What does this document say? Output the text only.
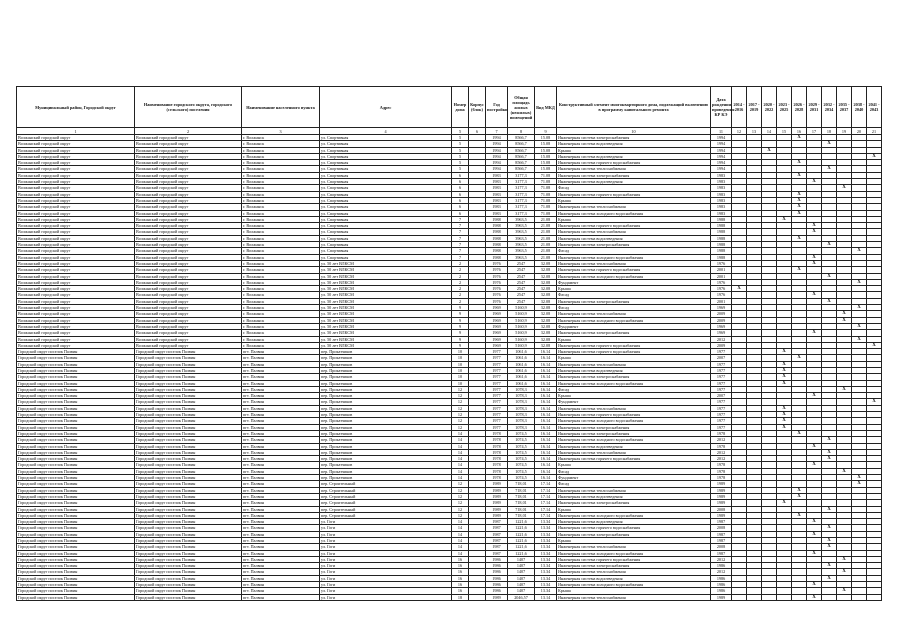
Муниципальный район, Городской округ	Наименование городского округа, городского (сельского) поселения	Наименование населенного пункта	Адрес	Номер дома	Корпус (блок)	Год постройки	Общая площадь жилых (нежилых) помещений	Вид МКД	Конструктивный элемент многоквартирного дома, подлежащий включению в программу капитального ремонта	Дата рождения проведения КР КЭ	2014 - 2016	2017 - 2019	2020 - 2022	2023 - 2025	2026 - 2028	2029 - 2031	2032 - 2034	2035 - 2037	2038 - 2040	2041 - 2043
1	2	3	4	5	6	7	8	9	10	11	12	13	14	15	16	17	18	19	20	21
Волжанский городской округ	Волжанский городской округ	г. Волжанск	ул. Спортивная	5		1994	8566,7	15.08	Инженерная система электроснабжения	1994					X					
Волжанский городской округ	Волжанский городской округ	г. Волжанск	ул. Спортивная	5		1994	8566,7	15.08	Инженерная система водоотведения	1994							X			
Волжанский городской округ	Волжанский городской округ	г. Волжанск	ул. Спортивная	5		1994	8566,7	15.08	Крыша	1994			X							
Волжанский городской округ	Волжанский городской округ	г. Волжанск	ул. Спортивная	5		1994	8566,7	15.08	Инженерная система водоотведения	1994										X
Волжанский городской округ	Волжанский городской округ	г. Волжанск	ул. Спортивная	5		1994	8566,7	15.08	Инженерная система горячего водоснабжения	1994					X					
Волжанский городской округ	Волжанский городской округ	г. Волжанск	ул. Спортивная	5		1994	8566,7	15.08	Инженерная система теплоснабжения	1994							X			
Волжанский городской округ	Волжанский городской округ	г. Волжанск	ул. Спортивная	6		1983	3177,3	71.08	Инженерная система электроснабжения	1983					X					
Волжанский городской округ	Волжанский городской округ	г. Волжанск	ул. Спортивная	6		1983	3177,3	71.08	Инженерная система водоотведения	1983						X				
Волжанский городской округ	Волжанский городской округ	г. Волжанск	ул. Спортивная	6		1983	3177,3	71.08	Фасад	1983								X		
Волжанский городской округ	Волжанский городской округ	г. Волжанск	ул. Спортивная	6		1983	3177,3	71.08	Инженерная система горячего водоснабжения	1983					X					
Волжанский городской округ	Волжанский городской округ	г. Волжанск	ул. Спортивная	6		1983	3177,3	71.08	Крыша	1983					X					
Волжанский городской округ	Волжанский городской округ	г. Волжанск	ул. Спортивная	6		1983	3177,3	71.08	Инженерная система теплоснабжения	1983					X					
Волжанский городской округ	Волжанский городской округ	г. Волжанск	ул. Спортивная	6		1983	3177,3	71.08	Инженерная система холодного водоснабжения	1983					X					
Волжанский городской округ	Волжанский городской округ	г. Волжанск	ул. Спортивная	7		1988	3963,5	21.08	Крыша	1988				X						
Волжанский городской округ	Волжанский городской округ	г. Волжанск	ул. Спортивная	7		1988	3963,5	21.08	Инженерная система горячего водоснабжения	1988						X				
Волжанский городской округ	Волжанский городской округ	г. Волжанск	ул. Спортивная	7		1988	3963,5	21.08	Инженерная система теплоснабжения	1988						X				
Волжанский городской округ	Волжанский городской округ	г. Волжанск	ул. Спортивная	7		1988	3963,5	21.08	Инженерная система водоотведения	1988					X					
Волжанский городской округ	Волжанский городской округ	г. Волжанск	ул. Спортивная	7		1988	3963,5	21.08	Инженерная система электроснабжения	1988							X			
Волжанский городской округ	Волжанский городской округ	г. Волжанск	ул. Спортивная	7		1988	3963,5	21.08	Фасад	1988									X	
Волжанский городской округ	Волжанский городской округ	г. Волжанск	ул. Спортивная	7		1988	3963,5	21.08	Инженерная система холодного водоснабжения	1988						X				
Волжанский городской округ	Волжанский городской округ	г. Волжанск	ул. 50 лет ВЛКСМ	2		1976	2547	32.08	Инженерная система теплоснабжения	1976						X				
Волжанский городской округ	Волжанский городской округ	г. Волжанск	ул. 50 лет ВЛКСМ	2		1976	2547	32.08	Инженерная система горячего водоснабжения	2001					X					
Волжанский городской округ	Волжанский городской округ	г. Волжанск	ул. 50 лет ВЛКСМ	2		1976	2547	32.08	Инженерная система холодного водоснабжения	2001							X			
Волжанский городской округ	Волжанский городской округ	г. Волжанск	ул. 50 лет ВЛКСМ	2		1976	2547	32.08	Фундамент	1976									X	
Волжанский городской округ	Волжанский городской округ	г. Волжанск	ул. 50 лет ВЛКСМ	2		1976	2547	32.08	Крыша	1976	X									
Волжанский городской округ	Волжанский городской округ	г. Волжанск	ул. 50 лет ВЛКСМ	2		1976	2547	32.08	Фасад	1976						X				
Волжанский городской округ	Волжанский городской округ	г. Волжанск	ул. 50 лет ВЛКСМ	2		1976	2547	32.08	Инженерная система электроснабжения	2001							X			
Волжанский городской округ	Волжанский городской округ	г. Волжанск	ул. 50 лет ВЛКСМ	9		1969	5160,9	32.08	Фасад	1969									X	
Волжанский городской округ	Волжанский городской округ	г. Волжанск	ул. 50 лет ВЛКСМ	9		1969	5160,9	32.08	Инженерная система теплоснабжения	2009								X		
Волжанский городской округ	Волжанский городской округ	г. Волжанск	ул. 50 лет ВЛКСМ	9		1969	5160,9	32.08	Инженерная система холодного водоснабжения	2009								X		
Волжанский городской округ	Волжанский городской округ	г. Волжанск	ул. 50 лет ВЛКСМ	9		1969	5160,9	32.08	Фундамент	1969									X	
Волжанский городской округ	Волжанский городской округ	г. Волжанск	ул. 50 лет ВЛКСМ	9		1969	5160,9	32.08	Инженерная система электроснабжения	1969						X				
Волжанский городской округ	Волжанский городской округ	г. Волжанск	ул. 50 лет ВЛКСМ	9		1969	5160,9	32.08	Крыша	2012									X	
Волжанский городской округ	Волжанский городской округ	г. Волжанск	ул. 50 лет ВЛКСМ	9		1969	5160,9	32.08	Инженерная система горячего водоснабжения	2009										X
Городской округ поселок Палвин	Городской округ поселок Палвин	пгт. Палвин	пер. Прокатчиков	10		1977	1061,6	16.14	Инженерная система горячего водоснабжения	1977				X						
Городской округ поселок Палвин	Городской округ поселок Палвин	пгт. Палвин	пер. Прокатчиков	10		1977	1061,6	16.14	Крыша	2007					X					
Городской округ поселок Палвин	Городской округ поселок Палвин	пгт. Палвин	пер. Прокатчиков	10		1977	1061,6	16.14	Инженерная система теплоснабжения	1977				X						
Городской округ поселок Палвин	Городской округ поселок Палвин	пгт. Палвин	пер. Прокатчиков	10		1977	1061,6	16.14	Инженерная система водоотведения	1977				X						
Городской округ поселок Палвин	Городской округ поселок Палвин	пгт. Палвин	пер. Прокатчиков	10		1977	1061,6	16.14	Инженерная система электроснабжения	1977				X						
Городской округ поселок Палвин	Городской округ поселок Палвин	пгт. Палвин	пер. Прокатчиков	10		1977	1061,6	16.14	Инженерная система холодного водоснабжения	1977				X						
Городской округ поселок Палвин	Городской округ поселок Палвин	пгт. Палвин	пер. Прокатчиков	12		1977	1078,3	16.14	Фасад	1977								X		
Городской округ поселок Палвин	Городской округ поселок Палвин	пгт. Палвин	пер. Прокатчиков	12		1977	1078,3	16.14	Крыша	2007						X				
Городской округ поселок Палвин	Городской округ поселок Палвин	пгт. Палвин	пер. Прокатчиков	12		1977	1078,3	16.14	Фундамент	1977										X
Городской округ поселок Палвин	Городской округ поселок Палвин	пгт. Палвин	пер. Прокатчиков	12		1977	1078,3	16.14	Инженерная система теплоснабжения	1977				X						
Городской округ поселок Палвин	Городской округ поселок Палвин	пгт. Палвин	пер. Прокатчиков	12		1977	1078,3	16.14	Инженерная система горячего водоснабжения	1977				X						
Городской округ поселок Палвин	Городской округ поселок Палвин	пгт. Палвин	пер. Прокатчиков	12		1977	1078,3	16.14	Инженерная система холодного водоснабжения	1977				X						
Городской округ поселок Палвин	Городской округ поселок Палвин	пгт. Палвин	пер. Прокатчиков	12		1977	1078,3	16.14	Инженерная система электроснабжения	1977				X						
Городской округ поселок Палвин	Городской округ поселок Палвин	пгт. Палвин	пер. Прокатчиков	14		1978	1074,5	16.14	Инженерная система электроснабжения	1978					X					
Городской округ поселок Палвин	Городской округ поселок Палвин	пгт. Палвин	пер. Прокатчиков	14		1978	1074,5	16.14	Инженерная система холодного водоснабжения	2012							X			
Городской округ поселок Палвин	Городской округ поселок Палвин	пгт. Палвин	пер. Прокатчиков	14		1978	1074,5	16.14	Инженерная система водоотведения	1978						X				
Городской округ поселок Палвин	Городской округ поселок Палвин	пгт. Палвин	пер. Прокатчиков	14		1978	1074,5	16.14	Инженерная система теплоснабжения	2012							X			
Городской округ поселок Палвин	Городской округ поселок Палвин	пгт. Палвин	пер. Прокатчиков	14		1978	1074,5	16.14	Инженерная система горячего водоснабжения	2012							X			
Городской округ поселок Палвин	Городской округ поселок Палвин	пгт. Палвин	пер. Прокатчиков	14		1978	1074,5	16.14	Крыша	1978						X				
Городской округ поселок Палвин	Городской округ поселок Палвин	пгт. Палвин	пер. Прокатчиков	14		1978	1074,5	16.14	Фасад	1978								X		
Городской округ поселок Палвин	Городской округ поселок Палвин	пгт. Палвин	пер. Прокатчиков	14		1978	1074,5	16.14	Фундамент	1978									X	
Городской округ поселок Палвин	Городской округ поселок Палвин	пгт. Палвин	пер. Строительный	12		1989	718,01	17.14	Фасад	1989									X	
Городской округ поселок Палвин	Городской округ поселок Палвин	пгт. Палвин	пер. Строительный	12		1989	718,01	17.14	Инженерная система теплоснабжения	1989					X					
Городской округ поселок Палвин	Городской округ поселок Палвин	пгт. Палвин	пер. Строительный	12		1989	718,01	17.14	Инженерная система водоотведения	1989					X					
Городской округ поселок Палвин	Городской округ поселок Палвин	пгт. Палвин	пер. Строительный	12		1989	718,01	17.14	Инженерная система электроснабжения	1989				X						
Городской округ поселок Палвин	Городской округ поселок Палвин	пгт. Палвин	пер. Строительный	12		1989	718,01	17.14	Крыша	2008							X			
Городской округ поселок Палвин	Городской округ поселок Палвин	пгт. Палвин	пер. Строительный	12		1989	718,01	17.14	Инженерная система холодного водоснабжения	1989					X					
Городской округ поселок Палвин	Городской округ поселок Палвин	пгт. Палвин	ул. Гоги	14		1987	1221,6	13.34	Инженерная система водоотведения	1987						X				
Городской округ поселок Палвин	Городской округ поселок Палвин	пгт. Палвин	ул. Гоги	14		1987	1221,6	13.34	Инженерная система горячего водоснабжения	2008							X			
Городской округ поселок Палвин	Городской округ поселок Палвин	пгт. Палвин	ул. Гоги	14		1987	1221,6	13.34	Инженерная система электроснабжения	1987						X				
Городской округ поселок Палвин	Городской округ поселок Палвин	пгт. Палвин	ул. Гоги	14		1987	1221,6	13.34	Крыша	1987							X			
Городской округ поселок Палвин	Городской округ поселок Палвин	пгт. Палвин	ул. Гоги	14		1987	1221,6	13.34	Инженерная система теплоснабжения	2008							X			
Городской округ поселок Палвин	Городской округ поселок Палвин	пгт. Палвин	ул. Гоги	14		1987	1221,6	13.34	Инженерная система холодного водоснабжения	1987						X				
Городской округ поселок Палвин	Городской округ поселок Палвин	пгт. Палвин	ул. Гоги	16		1986	1407	13.34	Инженерная система горячего водоснабжения	2012								X		
Городской округ поселок Палвин	Городской округ поселок Палвин	пгт. Палвин	ул. Гоги	16		1986	1407	13.34	Инженерная система электроснабжения	1986							X			
Городской округ поселок Палвин	Городской округ поселок Палвин	пгт. Палвин	ул. Гоги	16		1986	1407	13.34	Инженерная система теплоснабжения	2012								X		
Городской округ поселок Палвин	Городской округ поселок Палвин	пгт. Палвин	ул. Гоги	16		1986	1407	13.34	Инженерная система водоотведения	1986							X			
Городской округ поселок Палвин	Городской округ поселок Палвин	пгт. Палвин	ул. Гоги	16		1986	1407	13.34	Инженерная система холодного водоснабжения	1986						X				
Городской округ поселок Палвин	Городской округ поселок Палвин	пгт. Палвин	ул. Гоги	16		1986	1407	13.34	Крыша	1986								X		
Городской округ поселок Палвин	Городской округ поселок Палвин	пгт. Палвин	ул. Гоги	18		1989	2046,57	13.14	Инженерная система теплоснабжения	1989						X				
